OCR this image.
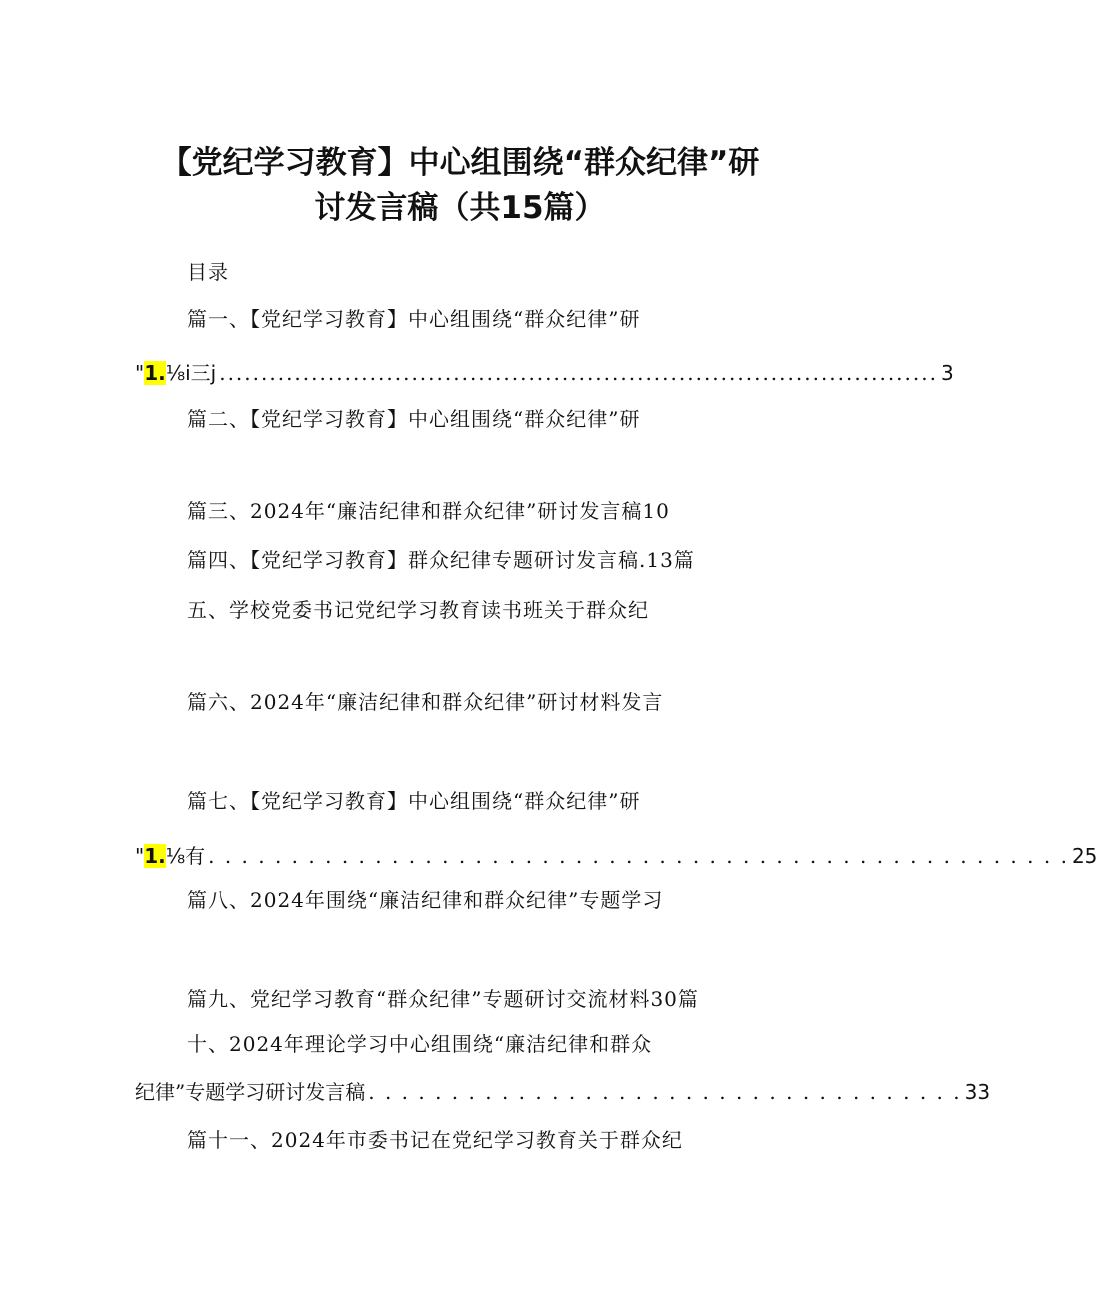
【党纪学习教育】中心组围绕“群众纪律”研
讨发言稿（共15篇）
目录
篇一、【党纪学习教育】中心组围绕“群众纪律”研
" 1. ⅛i三j ...................................................................................... 3
篇二、【党纪学习教育】中心组围绕“群众纪律”研
篇三、2024年“廉洁纪律和群众纪律”研讨发言稿10
篇四、【党纪学习教育】群众纪律专题研讨发言稿.13篇
五、学校党委书记党纪学习教育读书班关于群众纪
篇六、2024年“廉洁纪律和群众纪律”研讨材料发言
篇七、【党纪学习教育】中心组围绕“群众纪律”研
" 1. ⅛有 . . . . . . . . . . . . . . . . . . . . . . . . . . . . . . . . . . . . . . . . . . . . . . . . . . . . 25
篇八、2024年围绕“廉洁纪律和群众纪律”专题学习
篇九、党纪学习教育“群众纪律”专题研讨交流材料30篇
十、2024年理论学习中心组围绕“廉洁纪律和群众
纪律”专题学习研讨发言稿 . . . . . . . . . . . . . . . . . . . . . . . . . . . . . . . . . . . . 33
篇十一、2024年市委书记在党纪学习教育关于群众纪
